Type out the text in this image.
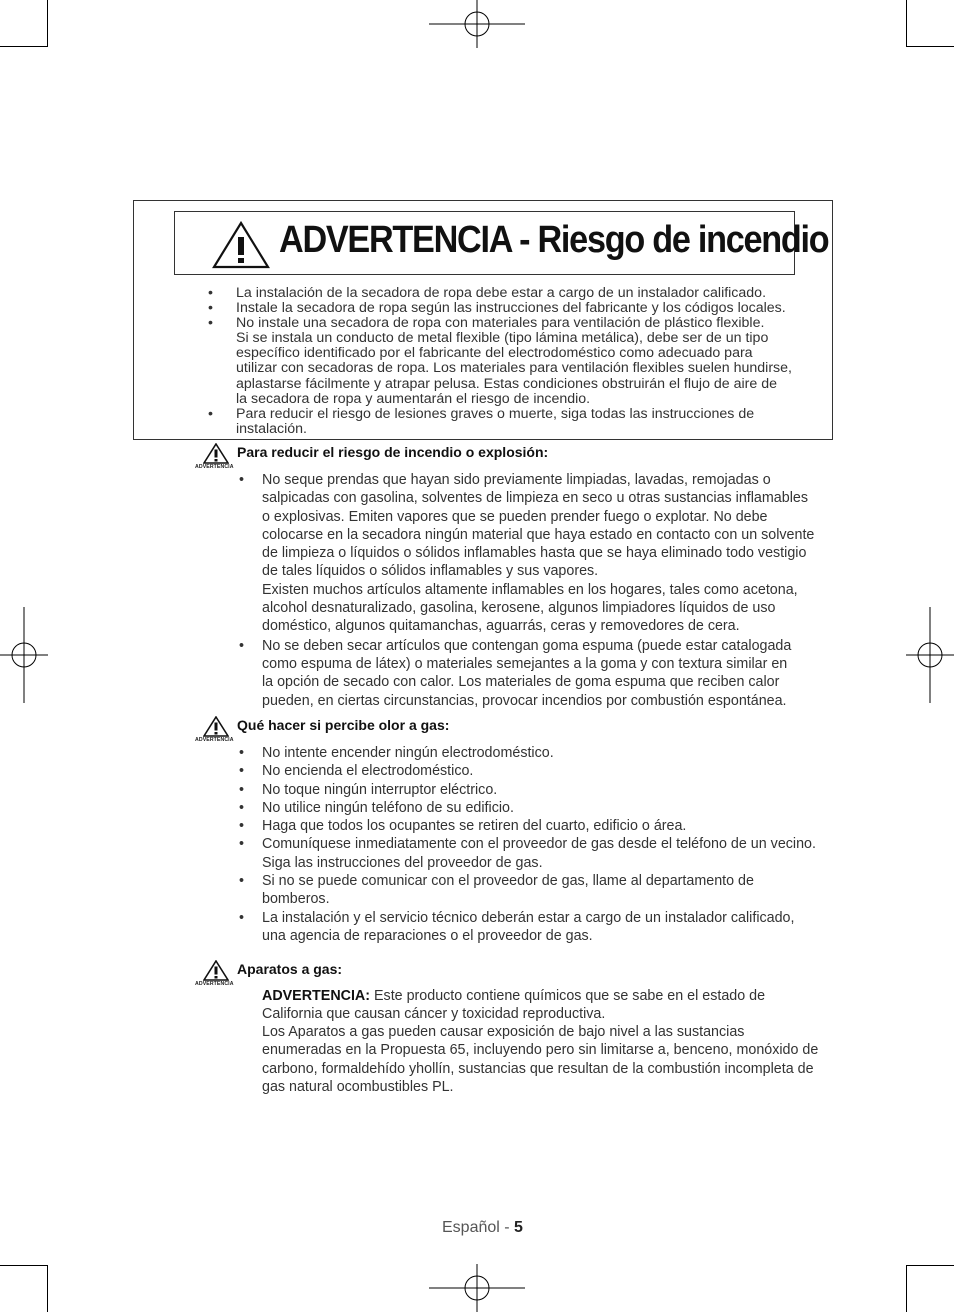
ADVERTENCIA - Riesgo de incendio
• La instalación de la secadora de ropa debe estar a cargo de un instalador calificado.
• Instale la secadora de ropa según las instrucciones del fabricante y los códigos locales.
• No instale una secadora de ropa con materiales para ventilación de plástico flexible.
Si se instala un conducto de metal flexible (tipo lámina metálica), debe ser de un tipo
específico identificado por el fabricante del electrodoméstico como adecuado para
utilizar con secadoras de ropa. Los materiales para ventilación flexibles suelen hundirse,
aplastarse fácilmente y atrapar pelusa. Estas condiciones obstruirán el flujo de aire de
la secadora de ropa y aumentarán el riesgo de incendio.
• Para reducir el riesgo de lesiones graves o muerte, siga todas las instrucciones de
instalación.
ADVERTENCIA
Para reducir el riesgo de incendio o explosión:
• No seque prendas que hayan sido previamente limpiadas, lavadas, remojadas o
salpicadas con gasolina, solventes de limpieza en seco u otras sustancias inflamables
o explosivas. Emiten vapores que se pueden prender fuego o explotar. No debe
colocarse en la secadora ningún material que haya estado en contacto con un solvente
de limpieza o líquidos o sólidos inflamables hasta que se haya eliminado todo vestigio
de tales líquidos o sólidos inflamables y sus vapores.
Existen muchos artículos altamente inflamables en los hogares, tales como acetona,
alcohol desnaturalizado, gasolina, kerosene, algunos limpiadores líquidos de uso
doméstico, algunos quitamanchas, aguarrás, ceras y removedores de cera.
• No se deben secar artículos que contengan goma espuma (puede estar catalogada
como espuma de látex) o materiales semejantes a la goma y con textura similar en
la opción de secado con calor. Los materiales de goma espuma que reciben calor
pueden, en ciertas circunstancias, provocar incendios por combustión espontánea.
ADVERTENCIA
Qué hacer si percibe olor a gas:
• No intente encender ningún electrodoméstico.
• No encienda el electrodoméstico.
• No toque ningún interruptor eléctrico.
• No utilice ningún teléfono de su edificio.
• Haga que todos los ocupantes se retiren del cuarto, edificio o área.
• Comuníquese inmediatamente con el proveedor de gas desde el teléfono de un vecino.
Siga las instrucciones del proveedor de gas.
• Si no se puede comunicar con el proveedor de gas, llame al departamento de
bomberos.
• La instalación y el servicio técnico deberán estar a cargo de un instalador calificado,
una agencia de reparaciones o el proveedor de gas.
ADVERTENCIA
Aparatos a gas:
ADVERTENCIA: Este producto contiene químicos que se sabe en el estado de
California que causan cáncer y toxicidad reproductiva.
Los Aparatos a gas pueden causar exposición de bajo nivel a las sustancias
enumeradas en la Propuesta 65, incluyendo pero sin limitarse a, benceno, monóxido de
carbono, formaldehído yhollín, sustancias que resultan de la combustión incompleta de
gas natural ocombustibles PL.
Español - 5
